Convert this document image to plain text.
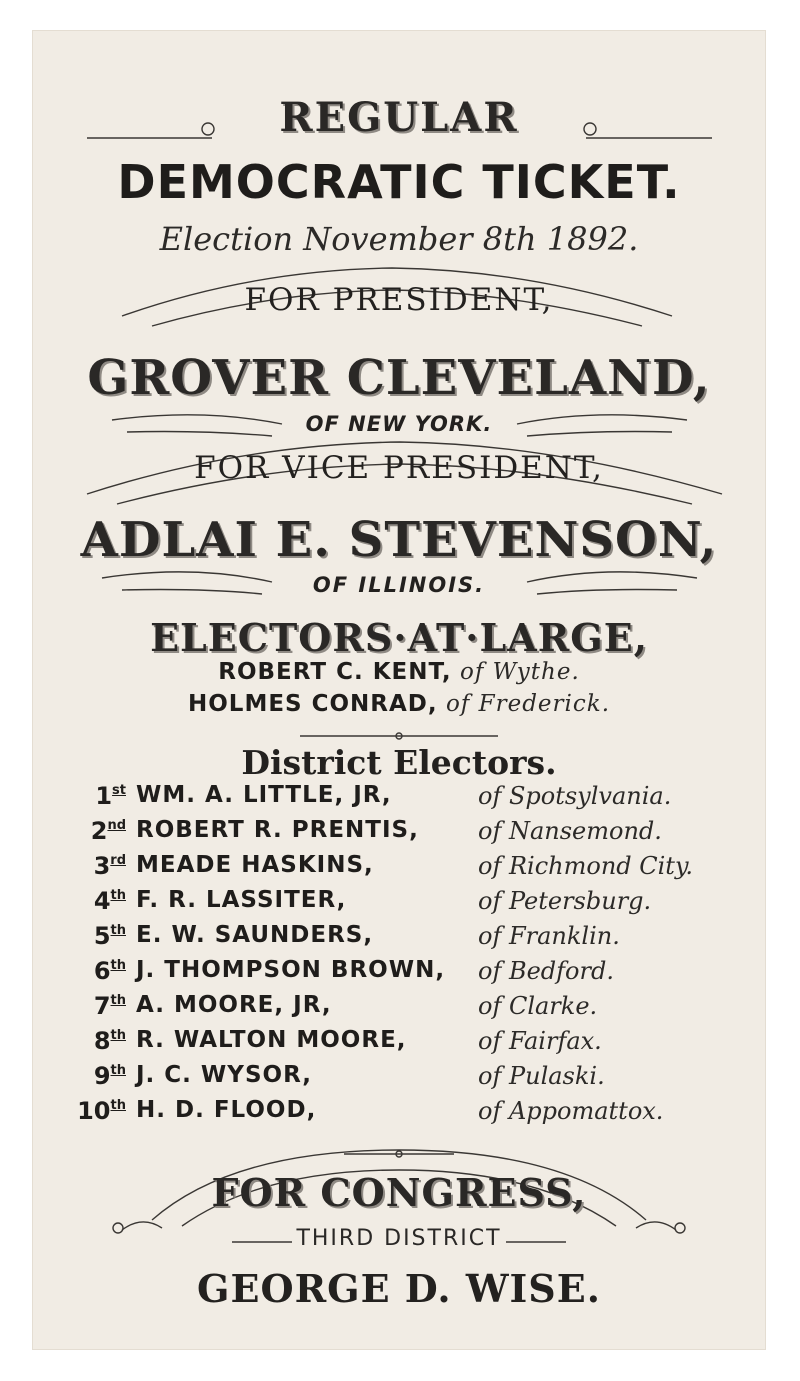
REGULAR
DEMOCRATIC TICKET.
Election November 8th 1892.
FOR PRESIDENT,
GROVER CLEVELAND,
OF NEW YORK.
FOR VICE PRESIDENT,
ADLAI E. STEVENSON,
OF ILLINOIS.
ELECTORS·AT·LARGE,
ROBERT C. KENT, of Wythe.
HOLMES CONRAD, of Frederick.
District Electors.
1st WM. A. LITTLE, JR,	of Spotsylvania.
2nd ROBERT R. PRENTIS, of Nansemond.
3rd MEADE HASKINS,	of Richmond City.
4th F. R. LASSITER,	of Petersburg.
5th E. W. SAUNDERS,	of Franklin.
6th J. THOMPSON BROWN, of Bedford.
7th A. MOORE, JR,	of Clarke.
8th R. WALTON MOORE,	of Fairfax.
9th J. C. WYSOR,	of Pulaski.
10th H. D. FLOOD,	of Appomattox.
FOR CONGRESS,
THIRD DISTRICT
GEORGE D. WISE.
